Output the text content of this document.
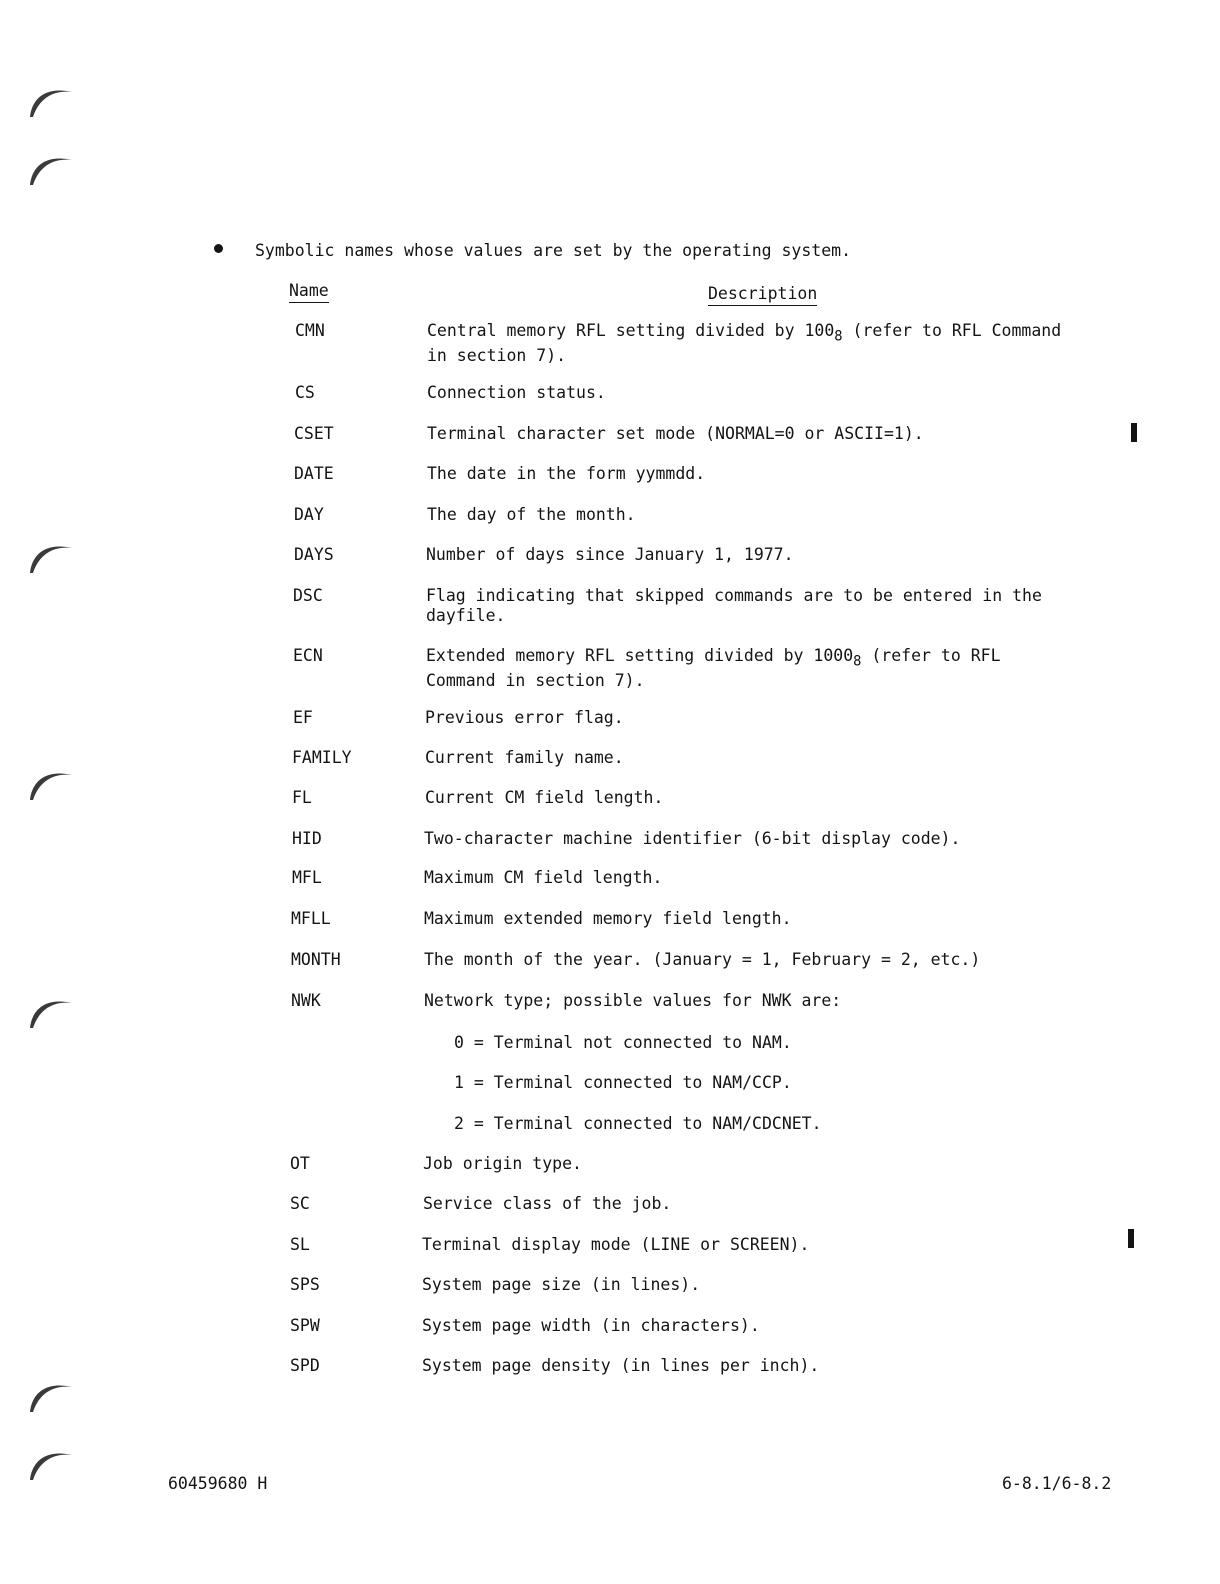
Symbolic names whose values are set by the operating system.
Name	Description
CMN	Central memory RFL setting divided by $100_8$ (refer to RFL Command
in section 7).
CS	Connection status.
CSET	Terminal character set mode (NORMAL=0 or ASCII=1).
DATE	The date in the form yymmdd.
DAY	The day of the month.
DAYS	Number of days since January 1, 1977.
DSC	Flag indicating that skipped commands are to be entered in the
dayfile.
ECN	Extended memory RFL setting divided by $1000_8$ (refer to RFL
Command in section 7).
EF	Previous error flag.
FAMILY	Current family name.
FL	Current CM field length.
HID	Two-character machine identifier (6-bit display code).
MFL	Maximum CM field length.
MFLL	Maximum extended memory field length.
MONTH	The month of the year. (January = 1, February = 2, etc.)
NWK	Network type; possible values for NWK are:
0 = Terminal not connected to NAM.
1 = Terminal connected to NAM/CCP.
2 = Terminal connected to NAM/CDCNET.
OT	Job origin type.
SC	Service class of the job.
SL	Terminal display mode (LINE or SCREEN).
SPS	System page size (in lines).
SPW	System page width (in characters).
SPD	System page density (in lines per inch).
60459680 H	6-8.1/6-8.2
